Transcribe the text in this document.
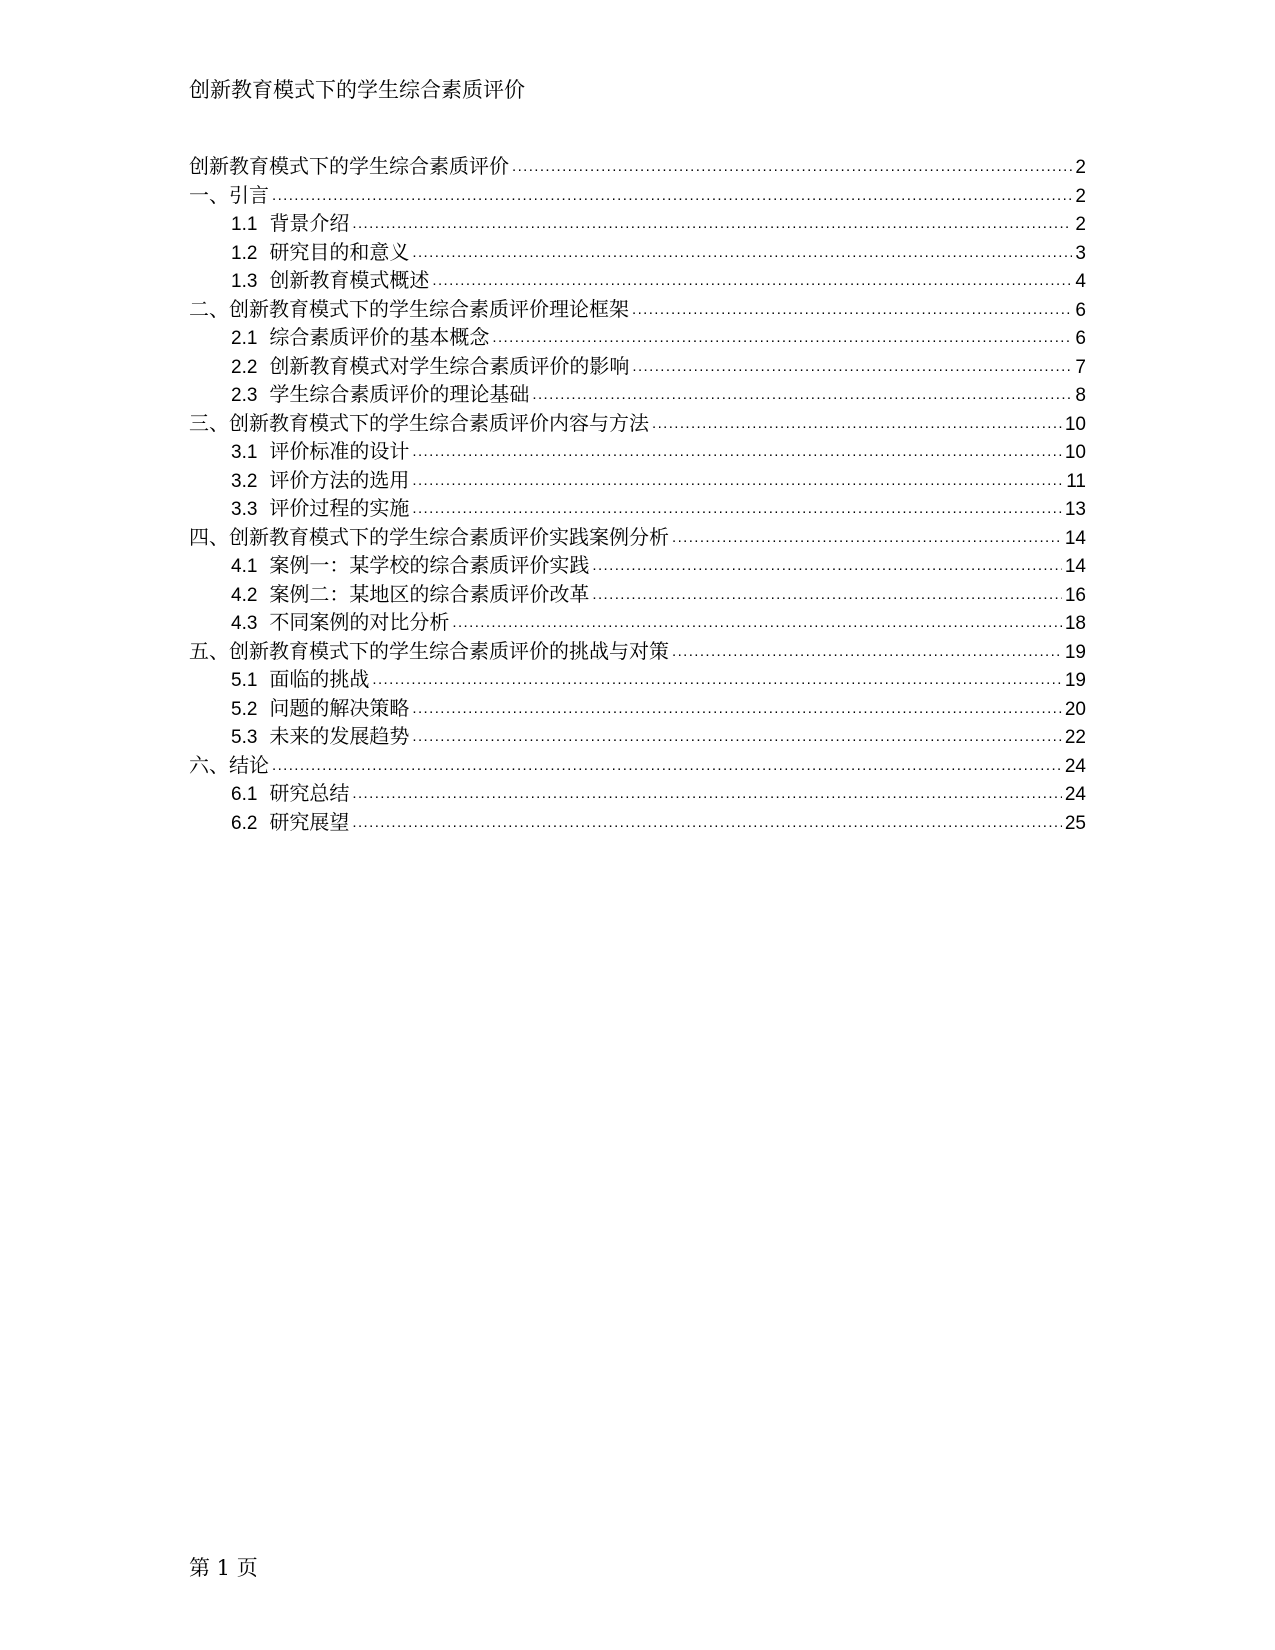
创新教育模式下的学生综合素质评价
创新教育模式下的学生综合素质评价 .....	2
一、引言 .....	2
1.1 背景介绍 .....	2
1.2 研究目的和意义 .....	3
1.3 创新教育模式概述 .....	4
二、创新教育模式下的学生综合素质评价理论框架 .....	6
2.1 综合素质评价的基本概念 .....	6
2.2 创新教育模式对学生综合素质评价的影响 .....	7
2.3 学生综合素质评价的理论基础 .....	8
三、创新教育模式下的学生综合素质评价内容与方法 .....	10
3.1 评价标准的设计 .....	10
3.2 评价方法的选用 .....	11
3.3 评价过程的实施 .....	13
四、创新教育模式下的学生综合素质评价实践案例分析 .....	14
4.1 案例一：某学校的综合素质评价实践 .....	14
4.2 案例二：某地区的综合素质评价改革 .....	16
4.3 不同案例的对比分析 .....	18
五、创新教育模式下的学生综合素质评价的挑战与对策 .....	19
5.1 面临的挑战 .....	19
5.2 问题的解决策略 .....	20
5.3 未来的发展趋势 .....	22
六、结论 .....	24
6.1 研究总结 .....	24
6.2 研究展望 .....	25
第 1 页
